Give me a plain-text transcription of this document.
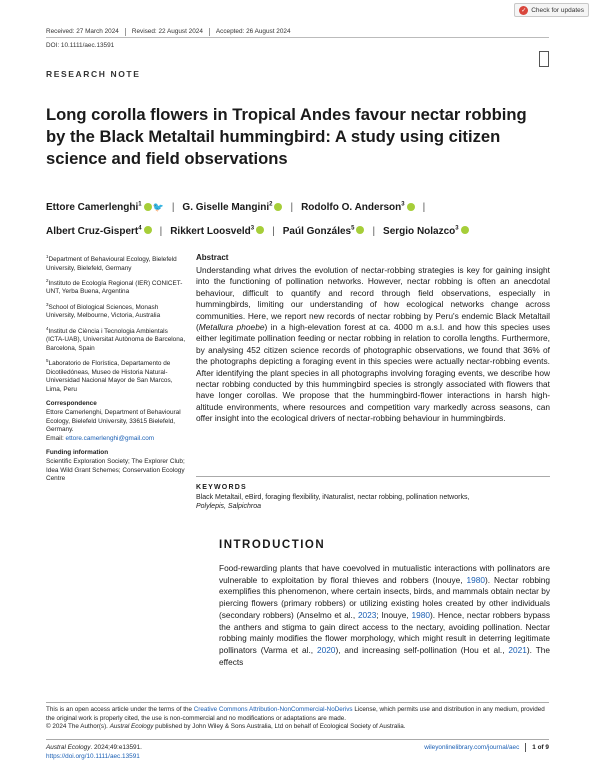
✓ Check for updates
Received: 27 March 2024 Revised: 22 August 2024 Accepted: 26 August 2024
DOI: 10.1111/aec.13591
RESEARCH NOTE
Long corolla flowers in Tropical Andes favour nectar robbing by the Black Metaltail hummingbird: A study using citizen science and field observations
Ettore Camerlenghi$^1$ 🐦 | G. Giselle Mangini$^2$ | Rodolfo O. Anderson$^3$ |
Albert Cruz-Gispert$^4$ | Rikkert Loosveld$^3$ | Paúl Gonzáles$^5$ | Sergio Nolazco$^3$

$^1$Department of Behavioural Ecology, Bielefeld University, Bielefeld, Germany

$^2$Instituto de Ecología Regional (IER) CONICET-UNT, Yerba Buena, Argentina

$^3$School of Biological Sciences, Monash University, Melbourne, Victoria, Australia

$^4$Institut de Ciència i Tecnologia Ambientals (ICTA-UAB), Universitat Autònoma de Barcelona, Barcelona, Spain

$^5$Laboratorio de Florística, Departamento de Dicotiledóneas, Museo de Historia Natural-Universidad Nacional Mayor de San Marcos, Lima, Peru

Correspondence

Ettore Camerlenghi, Department of Behavioural Ecology, Bielefeld University, 33615 Bielefeld, Germany.

Email: ettore.camerlenghi@gmail.com

Funding information

Scientific Exploration Society; The Explorer Club; Idea Wild Grant Schemes; Conservation Ecology Centre

Abstract
Understanding what drives the evolution of nectar-robbing strategies is key for gaining insight into the functioning of pollination networks. However, nectar robbing is often an anecdotal behaviour, difficult to quantify and record through field observations, especially in hummingbirds, limiting our understanding of how ecological networks change across communities. Here, we report new records of nectar robbing by Peru's endemic Black Metaltail (Metallura phoebe) in a high-elevation forest at ca. 4000 m a.s.l. and how this species uses either legitimate pollination feeding or nectar robbing in relation to corolla lengths. Furthermore, by analysing 452 citizen science records of photographic observations, we found that 36% of the photographs depicting a foraging event in this species were actually nectar-robbing events. After identifying the plant species in all photographs involving foraging events, we describe how nectar robbing conducted by this hummingbird species is strongly associated with flowers that have longer corollas. We propose that the hummingbird-flower interactions in harsh high-altitude environments, where resources and competition vary markedly across seasons, can offer insight into the ecological drivers of nectar-robbing behaviour in hummingbirds.
KEYWORDS
Black Metaltail, eBird, foraging flexibility, iNaturalist, nectar robbing, pollination networks,
Polylepis, Salpichroa
INTRODUCTION
Food-rewarding plants that have coevolved in mutualistic interactions with pollinators are vulnerable to exploitation by floral thieves and robbers (Inouye, 1980). Nectar robbing exemplifies this phenomenon, where certain insects, birds, and mammals obtain nectar by piercing flowers (primary robbers) or utilizing existing holes created by other individuals (secondary robbers) (Anselmo et al., 2023; Inouye, 1980). Hence, nectar robbers bypass the anthers and stigma to gain direct access to the nectary, avoiding pollination. Nectar robbing mainly modifies the flower morphology, which might result in deterring legitimate pollinators (Varma et al., 2020), and increasing self-pollination (Hou et al., 2021). The effects
This is an open access article under the terms of the Creative Commons Attribution-NonCommercial-NoDerivs License, which permits use and distribution in any medium, provided the original work is properly cited, the use is non-commercial and no modifications or adaptations are made.
© 2024 The Author(s). Austral Ecology published by John Wiley & Sons Australia, Ltd on behalf of Ecological Society of Australia.
Austral Ecology. 2024;49:e13591.
https://doi.org/10.1111/aec.13591
wileyonlinelibrary.com/journal/aec 1 of 9
